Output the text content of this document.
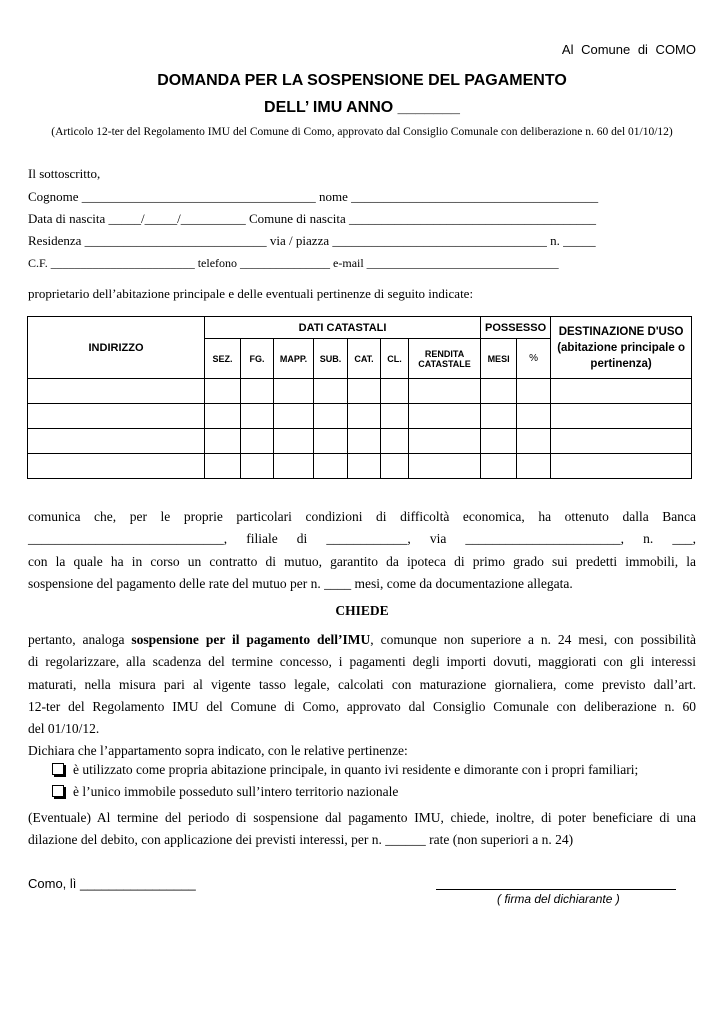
Al Comune di COMO
DOMANDA PER LA SOSPENSIONE DEL PAGAMENTO
DELL’ IMU ANNO _______
(Articolo 12-ter del Regolamento IMU del Comune di Como, approvato dal Consiglio Comunale con deliberazione n. 60 del 01/10/12)
Il sottoscritto,
Cognome ____________________________________ nome ______________________________________
Data di nascita _____/_____/__________ Comune di nascita ______________________________________
Residenza ____________________________ via / piazza _________________________________ n. _____
C.F. ________________________ telefono _______________ e-mail ________________________________
proprietario dell’abitazione principale e delle eventuali pertinenze di seguito indicate:
INDIRIZZO	DATI CATASTALI							POSSESSO		DESTINAZIONE D'USO
(abitazione principale o pertinenza)
	SEZ.	FG.	MAPP.	SUB.	CAT.	CL.	RENDITA CATASTALE	MESI	%	

comunica che, per le proprie particolari condizioni di difficoltà economica, ha ottenuto dalla Banca
_____________________________, filiale di ____________, via _______________________, n. ___,
con la quale ha in corso un contratto di mutuo, garantito da ipoteca di primo grado sui predetti immobili, la
sospensione del pagamento delle rate del mutuo per n. ____ mesi, come da documentazione allegata.
CHIEDE
pertanto, analoga sospensione per il pagamento dell’IMU, comunque non superiore a n. 24 mesi, con possibilità
di regolarizzare, alla scadenza del termine concesso, i pagamenti degli importi dovuti, maggiorati con gli interessi
maturati, nella misura pari al vigente tasso legale, calcolati con maturazione giornaliera, come previsto dall’art.
12-ter del Regolamento IMU del Comune di Como, approvato dal Consiglio Comunale con deliberazione n. 60
del 01/10/12.
Dichiara che l’appartamento sopra indicato, con le relative pertinenze:
è utilizzato come propria abitazione principale, in quanto ivi residente e dimorante con i propri familiari;
è l’unico immobile posseduto sull’intero territorio nazionale
(Eventuale) Al termine del periodo di sospensione dal pagamento IMU, chiede, inoltre, di poter beneficiare di una
dilazione del debito, con applicazione dei previsti interessi, per n. ______ rate (non superiori a n. 24)
Como, lì ________________
( firma del dichiarante )
